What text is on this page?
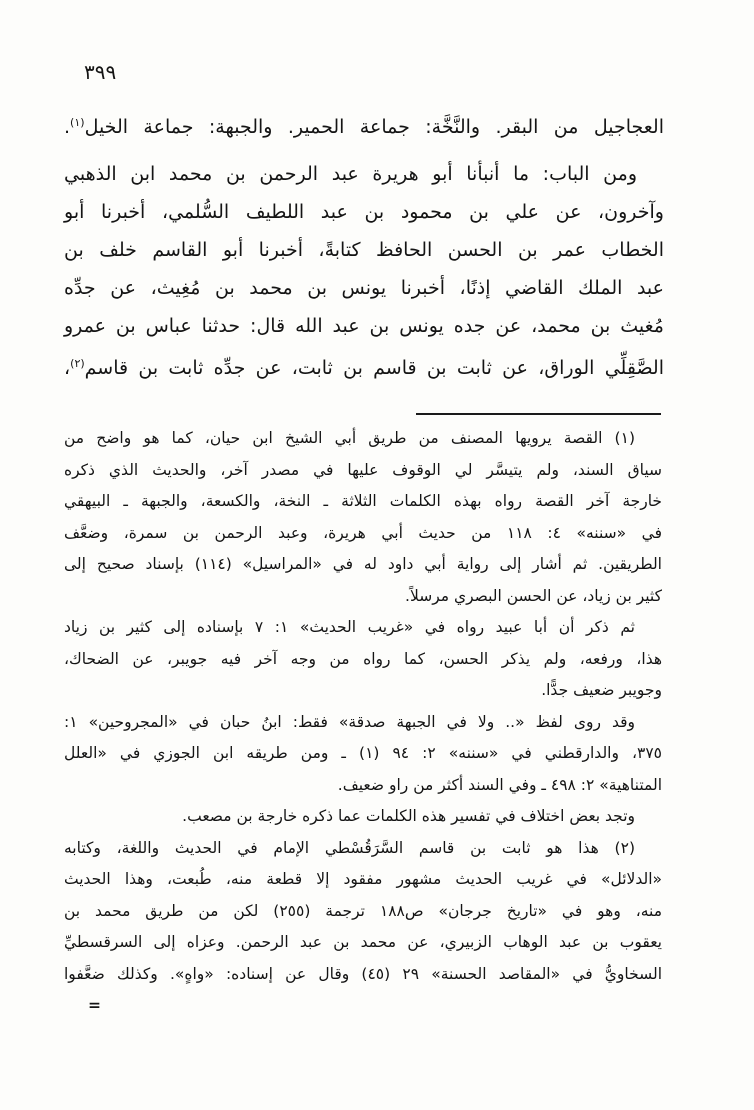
٣٩٩
العجاجيل من البقر. والنَّخَّة: جماعة الحمير. والجبهة: جماعة الخيل$^{(١)}$.
ومن الباب: ما أنبأنا أبو هريرة عبد الرحمن بن محمد ابن الذهبي
وآخرون، عن علي بن محمود بن عبد اللطيف السُّلمي، أخبرنا أبو
الخطاب عمر بن الحسن الحافظ كتابةً، أخبرنا أبو القاسم خلف بن
عبد الملك القاضي إذنًا، أخبرنا يونس بن محمد بن مُغِيث، عن جدِّه
مُغيث بن محمد، عن جده يونس بن عبد الله قال: حدثنا عباس بن عمرو
الصَّقِلِّي الوراق، عن ثابت بن قاسم بن ثابت، عن جدِّه ثابت بن قاسم$^{(٢)}$،
(١) القصة يرويها المصنف من طريق أبي الشيخ ابن حيان، كما هو واضح من
سياق السند، ولم يتيسَّر لي الوقوف عليها في مصدر آخر، والحديث الذي ذكره
خارجة آخر القصة رواه بهذه الكلمات الثلاثة ـ النخة، والكسعة، والجبهة ـ البيهقي
في «سننه» ٤: ١١٨ من حديث أبي هريرة، وعبد الرحمن بن سمرة، وضعَّف
الطريقين. ثم أشار إلى رواية أبي داود له في «المراسيل» (١١٤) بإسناد صحيح إلى
كثير بن زياد، عن الحسن البصري مرسلاً.
ثم ذكر أن أبا عبيد رواه في «غريب الحديث» ١: ٧ بإسناده إلى كثير بن زياد
هذا، ورفعه، ولم يذكر الحسن، كما رواه من وجه آخر فيه جويبر، عن الضحاك،
وجويبر ضعيف جدًّا.
وقد روى لفظ «.. ولا في الجبهة صدقة» فقط: ابنُ حبان في «المجروحين» ١:
٣٧٥، والدارقطني في «سننه» ٢: ٩٤ (١) ـ ومن طريقه ابن الجوزي في «العلل
المتناهية» ٢: ٤٩٨ ـ وفي السند أكثر من راو ضعيف.
وتجد بعض اختلاف في تفسير هذه الكلمات عما ذكره خارجة بن مصعب.
(٢) هذا هو ثابت بن قاسم السَّرَقُسْطي الإمام في الحديث واللغة، وكتابه
«الدلائل» في غريب الحديث مشهور مفقود إلا قطعة منه، طُبعت، وهذا الحديث
منه، وهو في «تاريخ جرجان» ص١٨٨ ترجمة (٢٥٥) لكن من طريق محمد بن
يعقوب بن عبد الوهاب الزبيري، عن محمد بن عبد الرحمن. وعزاه إلى السرقسطيِّ
السخاويُّ في «المقاصد الحسنة» ٢٩ (٤٥) وقال عن إسناده: «واهٍ». وكذلك ضعَّفوا
=
